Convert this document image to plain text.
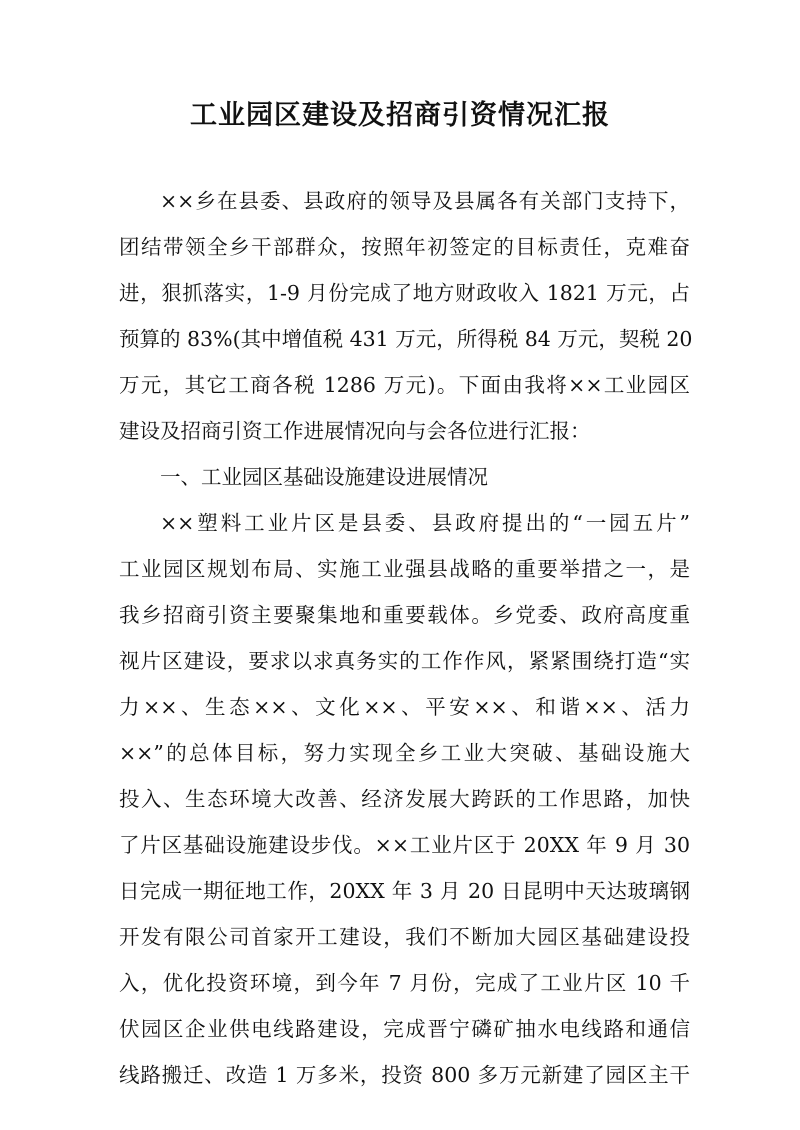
工业园区建设及招商引资情况汇报
××乡在县委、县政府的领导及县属各有关部门支持下，
团结带领全乡干部群众，按照年初签定的目标责任，克难奋
进，狠抓落实，1-9 月份完成了地方财政收入 1821 万元，占
预算的 83%(其中增值税 431 万元，所得税 84 万元，契税 20
万元，其它工商各税 1286 万元)。下面由我将××工业园区
建设及招商引资工作进展情况向与会各位进行汇报：
一、工业园区基础设施建设进展情况
××塑料工业片区是县委、县政府提出的“一园五片”
工业园区规划布局、实施工业强县战略的重要举措之一，是
我乡招商引资主要聚集地和重要载体。乡党委、政府高度重
视片区建设，要求以求真务实的工作作风，紧紧围绕打造“实
力××、生态××、文化××、平安××、和谐××、活力
××”的总体目标，努力实现全乡工业大突破、基础设施大
投入、生态环境大改善、经济发展大跨跃的工作思路，加快
了片区基础设施建设步伐。××工业片区于 20XX 年 9 月 30
日完成一期征地工作，20XX 年 3 月 20 日昆明中天达玻璃钢
开发有限公司首家开工建设，我们不断加大园区基础建设投
入，优化投资环境，到今年 7 月份，完成了工业片区 10 千
伏园区企业供电线路建设，完成晋宁磷矿抽水电线路和通信
线路搬迁、改造 1 万多米，投资 800 多万元新建了园区主干
